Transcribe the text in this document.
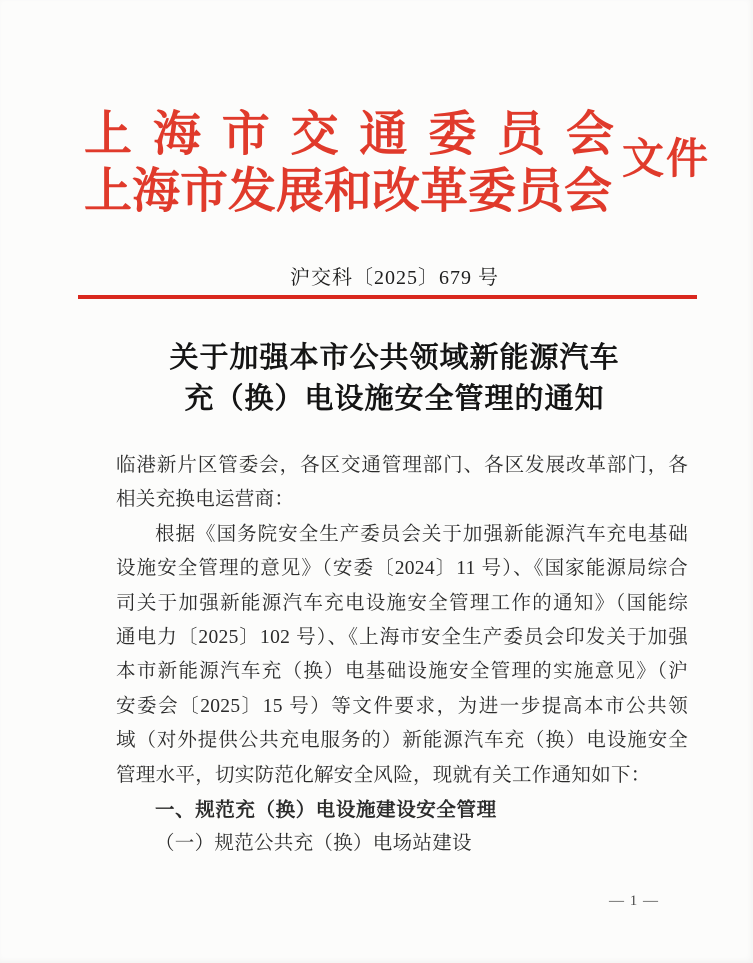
上海市交通委员会
上海市发展和改革委员会
文件
沪交科〔2025〕679 号
关于加强本市公共领域新能源汽车
充（换）电设施安全管理的通知
临港新片区管委会，各区交通管理部门、各区发展改革部门，各
相关充换电运营商：
根据《国务院安全生产委员会关于加强新能源汽车充电基础
设施安全管理的意见》（安委〔2024〕11 号）、《国家能源局综合
司关于加强新能源汽车充电设施安全管理工作的通知》（国能综
通电力〔2025〕102 号）、《上海市安全生产委员会印发关于加强
本市新能源汽车充（换）电基础设施安全管理的实施意见》（沪
安委会〔2025〕15 号）等文件要求，为进一步提高本市公共领
域（对外提供公共充电服务的）新能源汽车充（换）电设施安全
管理水平，切实防范化解安全风险，现就有关工作通知如下：
一、规范充（换）电设施建设安全管理
（一）规范公共充（换）电场站建设
— 1 —
